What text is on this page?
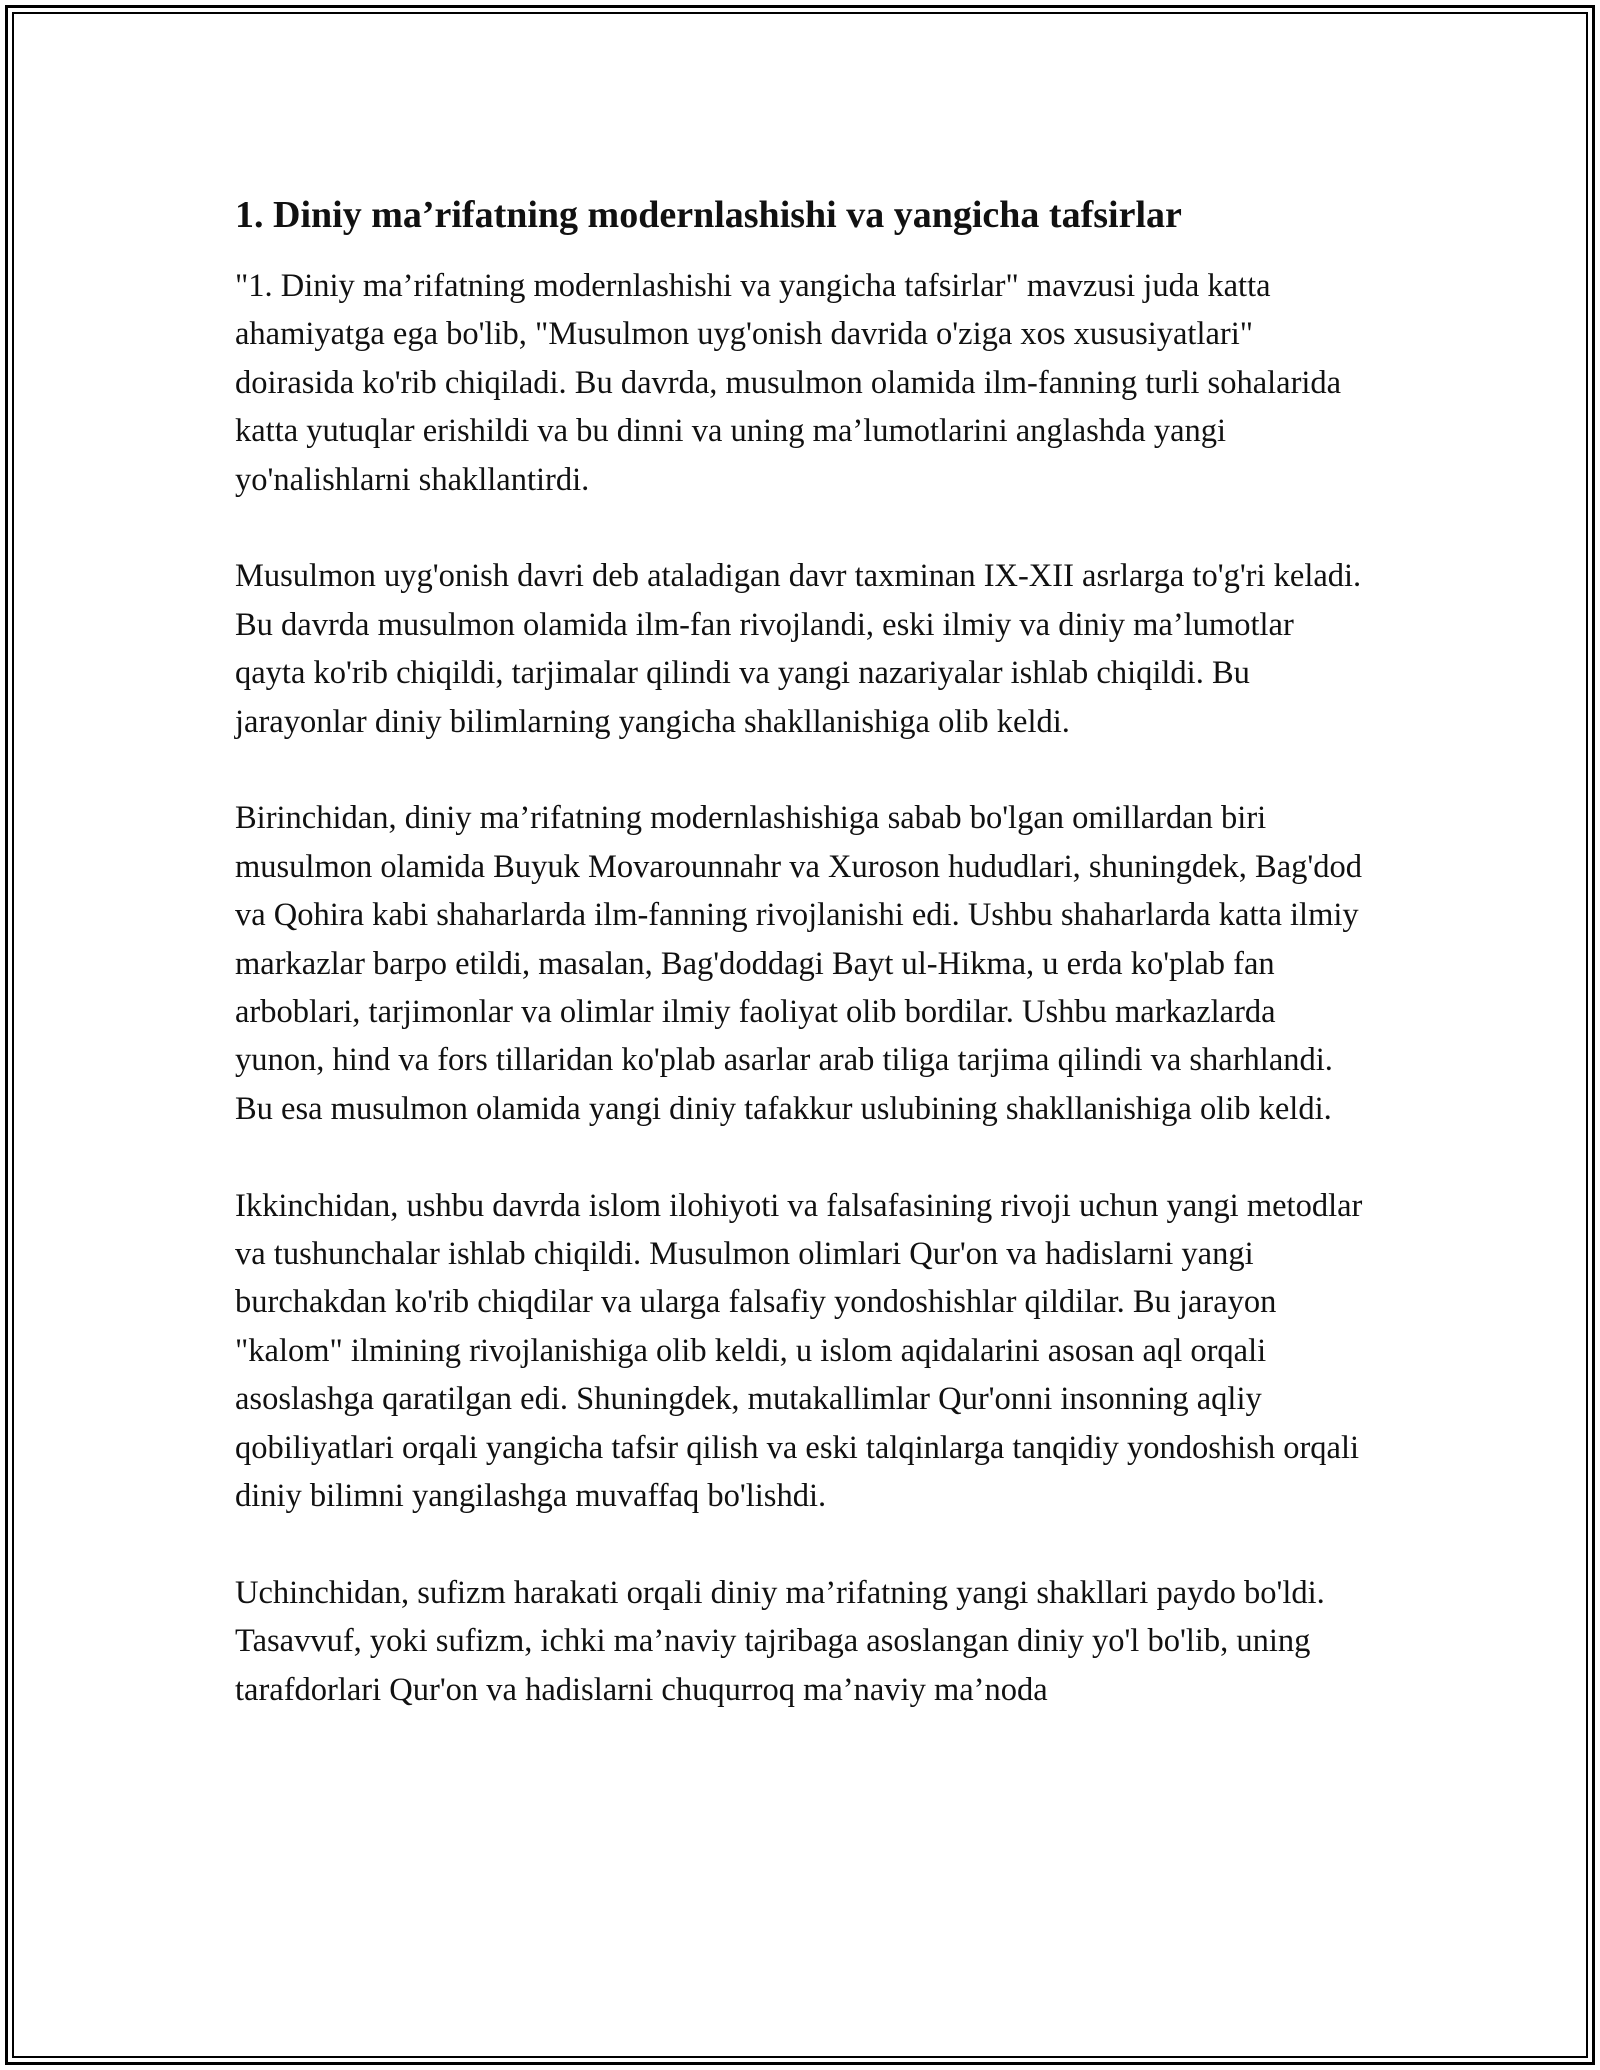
1. Diniy ma’rifatning modernlashishi va yangicha tafsirlar

"1. Diniy ma’rifatning modernlashishi va yangicha tafsirlar" mavzusi juda katta ahamiyatga ega bo'lib, "Musulmon uyg'onish davrida o'ziga xos xususiyatlari" doirasida ko'rib chiqiladi. Bu davrda, musulmon olamida ilm-fanning turli sohalarida katta yutuqlar erishildi va bu dinni va uning ma’lumotlarini anglashda yangi yo'nalishlarni shakllantirdi.

Musulmon uyg'onish davri deb ataladigan davr taxminan IX-XII asrlarga to'g'ri keladi. Bu davrda musulmon olamida ilm-fan rivojlandi, eski ilmiy va diniy ma’lumotlar qayta ko'rib chiqildi, tarjimalar qilindi va yangi nazariyalar ishlab chiqildi. Bu jarayonlar diniy bilimlarning yangicha shakllanishiga olib keldi.

Birinchidan, diniy ma’rifatning modernlashishiga sabab bo'lgan omillardan biri musulmon olamida Buyuk Movarounnahr va Xuroson hududlari, shuningdek, Bag'dod va Qohira kabi shaharlarda ilm-fanning rivojlanishi edi. Ushbu shaharlarda katta ilmiy markazlar barpo etildi, masalan, Bag'doddagi Bayt ul-Hikma, u erda ko'plab fan arboblari, tarjimonlar va olimlar ilmiy faoliyat olib bordilar. Ushbu markazlarda yunon, hind va fors tillaridan ko'plab asarlar arab tiliga tarjima qilindi va sharhlandi. Bu esa musulmon olamida yangi diniy tafakkur uslubining shakllanishiga olib keldi.

Ikkinchidan, ushbu davrda islom ilohiyoti va falsafasining rivoji uchun yangi metodlar va tushunchalar ishlab chiqildi. Musulmon olimlari Qur'on va hadislarni yangi burchakdan ko'rib chiqdilar va ularga falsafiy yondoshishlar qildilar. Bu jarayon "kalom" ilmining rivojlanishiga olib keldi, u islom aqidalarini asosan aql orqali asoslashga qaratilgan edi. Shuningdek, mutakallimlar Qur'onni insonning aqliy qobiliyatlari orqali yangicha tafsir qilish va eski talqinlarga tanqidiy yondoshish orqali diniy bilimni yangilashga muvaffaq bo'lishdi.

Uchinchidan, sufizm harakati orqali diniy ma’rifatning yangi shakllari paydo bo'ldi. Tasavvuf, yoki sufizm, ichki ma’naviy tajribaga asoslangan diniy yo'l bo'lib, uning tarafdorlari Qur'on va hadislarni chuqurroq ma’naviy ma’noda
